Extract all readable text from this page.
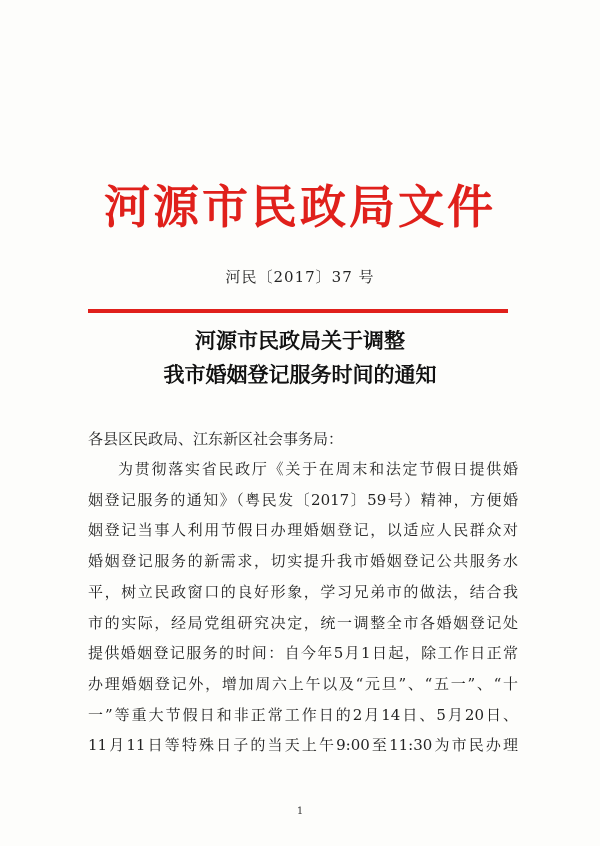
河源市民政局文件
河民〔2017〕37 号
河源市民政局关于调整
我市婚姻登记服务时间的通知
各县区民政局、江东新区社会事务局：
为贯彻落实省民政厅《关于在周末和法定节假日提供婚
姻登记服务的通知》（粤民发〔2017〕59号）精神，方便婚
姻登记当事人利用节假日办理婚姻登记，以适应人民群众对
婚姻登记服务的新需求，切实提升我市婚姻登记公共服务水
平，树立民政窗口的良好形象，学习兄弟市的做法，结合我
市的实际，经局党组研究决定，统一调整全市各婚姻登记处
提供婚姻登记服务的时间：自今年5月1日起，除工作日正常
办理婚姻登记外，增加周六上午以及“元旦”、“五一”、“十
一”等重大节假日和非正常工作日的2月14日、5月20日、
11月11日等特殊日子的当天上午9:00至11:30为市民办理
1
